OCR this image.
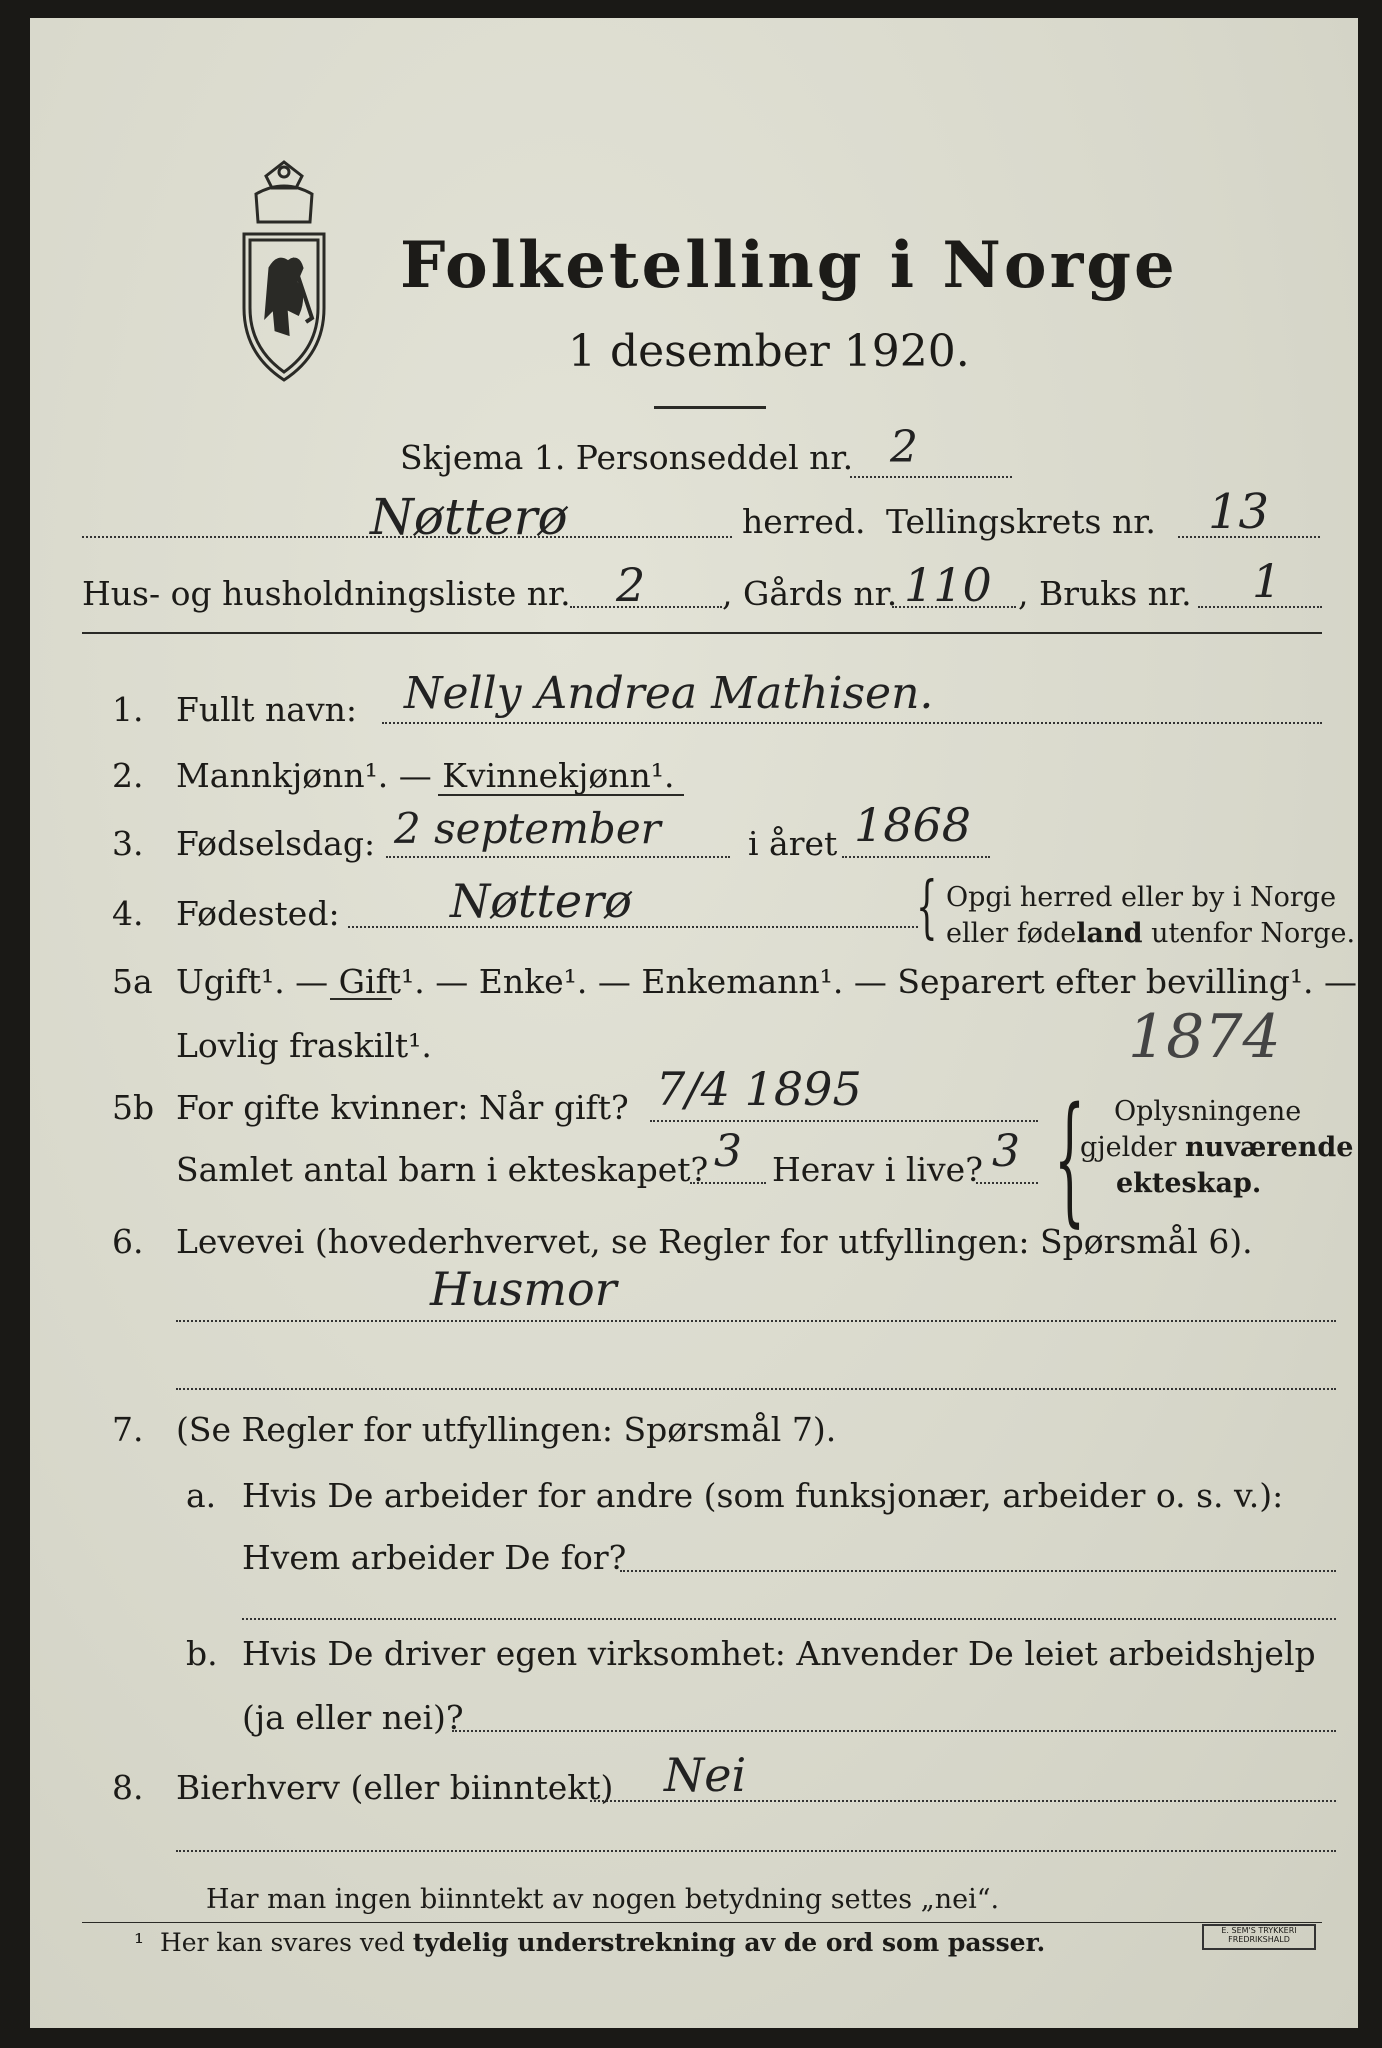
Folketelling i Norge
1 desember 1920.
Skjema 1. Personseddel nr. 2
Nøtterø	herred. Tellingskrets nr. 13
Hus- og husholdningsliste nr. 2 , Gårds nr. 110 , Bruks nr. 1
1. Fullt navn: Nelly Andrea Mathisen.
2. Mannkjønn¹. — Kvinnekjønn¹.
3. Fødselsdag: 2 september	i året 1868
4. Fødested: Nøtterø	{ Opgi herred eller by i Norge
eller fødeland utenfor Norge.
5a Ugift¹. — Gift¹. — Enke¹. — Enkemann¹. — Separert efter bevilling¹. —
Lovlig fraskilt¹.	1874
5b For gifte kvinner: Når gift? 7/4 1895
Samlet antal barn i ekteskapet? 3 Herav i live? 3 { Oplysningene
gjelder nuværende
ekteskap.
6. Levevei (hovederhvervet, se Regler for utfyllingen: Spørsmål 6).
Husmor
7. (Se Regler for utfyllingen: Spørsmål 7).
a. Hvis De arbeider for andre (som funksjonær, arbeider o. s. v.):
Hvem arbeider De for?
b. Hvis De driver egen virksomhet: Anvender De leiet arbeidshjelp
(ja eller nei)?
8. Bierhverv (eller biinntekt) Nei
Har man ingen biinntekt av nogen betydning settes „nei“.
¹ Her kan svares ved tydelig understrekning av de ord som passer.	E. SEM'S TRYKKERI FREDRIKSHALD
